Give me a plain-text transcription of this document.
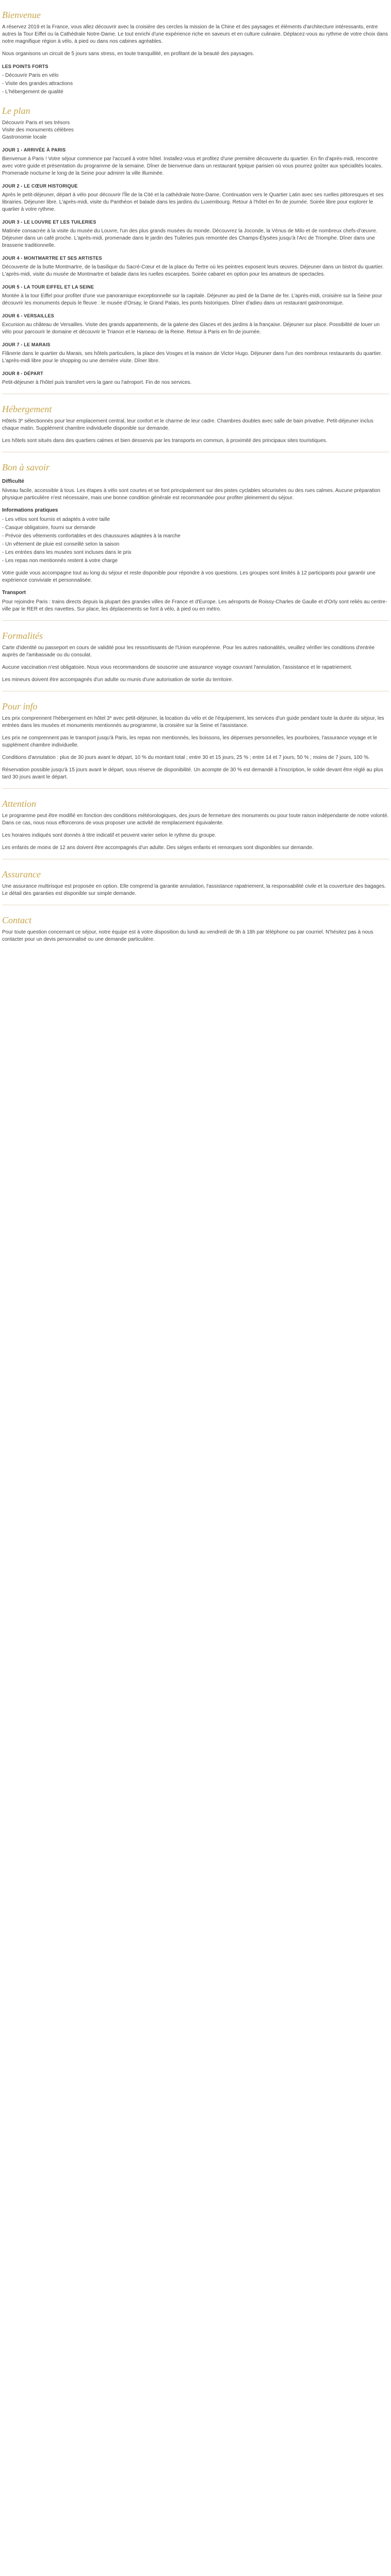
Bienvenue

A réservez 2019 et la France, vous allez découvrir avec la croisière des cercles la mission de la Chine et des paysages et éléments d'architecture intéressants, entre autres la Tour Eiffel ou la Cathédrale Notre-Dame. Le tout enrichi d'une expérience riche en saveurs et en culture culinaire. Déplacez-vous au rythme de votre choix dans notre magnifique région à vélo, à pied ou dans nos cabines agréables.

Nous organisons un circuit de 5 jours sans stress, en toute tranquillité, en profitant de la beauté des paysages.

LES POINTS FORTS

- Découvrir Paris en vélo

- Visite des grandes attractions

- L'hébergement de qualité

Le plan

Découvrir Paris et ses trésors
Visite des monuments célèbres
Gastronomie locale

JOUR 1 - ARRIVÉE À PARIS

Bienvenue à Paris ! Votre séjour commence par l'accueil à votre hôtel. Installez-vous et profitez d'une première découverte du quartier. En fin d'après-midi, rencontre avec votre guide et présentation du programme de la semaine. Dîner de bienvenue dans un restaurant typique parisien où vous pourrez goûter aux spécialités locales. Promenade nocturne le long de la Seine pour admirer la ville illuminée.

JOUR 2 - LE CŒUR HISTORIQUE

Après le petit-déjeuner, départ à vélo pour découvrir l'Île de la Cité et la cathédrale Notre-Dame. Continuation vers le Quartier Latin avec ses ruelles pittoresques et ses librairies. Déjeuner libre. L'après-midi, visite du Panthéon et balade dans les jardins du Luxembourg. Retour à l'hôtel en fin de journée. Soirée libre pour explorer le quartier à votre rythme.

JOUR 3 - LE LOUVRE ET LES TUILERIES

Matinée consacrée à la visite du musée du Louvre, l'un des plus grands musées du monde. Découvrez la Joconde, la Vénus de Milo et de nombreux chefs-d'œuvre. Déjeuner dans un café proche. L'après-midi, promenade dans le jardin des Tuileries puis remontée des Champs-Élysées jusqu'à l'Arc de Triomphe. Dîner dans une brasserie traditionnelle.

JOUR 4 - MONTMARTRE ET SES ARTISTES

Découverte de la butte Montmartre, de la basilique du Sacré-Cœur et de la place du Tertre où les peintres exposent leurs œuvres. Déjeuner dans un bistrot du quartier. L'après-midi, visite du musée de Montmartre et balade dans les ruelles escarpées. Soirée cabaret en option pour les amateurs de spectacles.

JOUR 5 - LA TOUR EIFFEL ET LA SEINE

Montée à la tour Eiffel pour profiter d'une vue panoramique exceptionnelle sur la capitale. Déjeuner au pied de la Dame de fer. L'après-midi, croisière sur la Seine pour découvrir les monuments depuis le fleuve : le musée d'Orsay, le Grand Palais, les ponts historiques. Dîner d'adieu dans un restaurant gastronomique.

JOUR 6 - VERSAILLES

Excursion au château de Versailles. Visite des grands appartements, de la galerie des Glaces et des jardins à la française. Déjeuner sur place. Possibilité de louer un vélo pour parcourir le domaine et découvrir le Trianon et le Hameau de la Reine. Retour à Paris en fin de journée.

JOUR 7 - LE MARAIS

Flânerie dans le quartier du Marais, ses hôtels particuliers, la place des Vosges et la maison de Victor Hugo. Déjeuner dans l'un des nombreux restaurants du quartier. L'après-midi libre pour le shopping ou une dernière visite. Dîner libre.

JOUR 8 - DÉPART

Petit-déjeuner à l'hôtel puis transfert vers la gare ou l'aéroport. Fin de nos services.

Hébergement

Hôtels 3* sélectionnés pour leur emplacement central, leur confort et le charme de leur cadre. Chambres doubles avec salle de bain privative. Petit-déjeuner inclus chaque matin. Supplément chambre individuelle disponible sur demande.

Les hôtels sont situés dans des quartiers calmes et bien desservis par les transports en commun, à proximité des principaux sites touristiques.

Bon à savoir
Difficulté

Niveau facile, accessible à tous. Les étapes à vélo sont courtes et se font principalement sur des pistes cyclables sécurisées ou des rues calmes. Aucune préparation physique particulière n'est nécessaire, mais une bonne condition générale est recommandée pour profiter pleinement du séjour.

Informations pratiques

- Les vélos sont fournis et adaptés à votre taille

- Casque obligatoire, fourni sur demande

- Prévoir des vêtements confortables et des chaussures adaptées à la marche

- Un vêtement de pluie est conseillé selon la saison

- Les entrées dans les musées sont incluses dans le prix

- Les repas non mentionnés restent à votre charge

Votre guide vous accompagne tout au long du séjour et reste disponible pour répondre à vos questions. Les groupes sont limités à 12 participants pour garantir une expérience conviviale et personnalisée.

Transport

Pour rejoindre Paris : trains directs depuis la plupart des grandes villes de France et d'Europe. Les aéroports de Roissy-Charles de Gaulle et d'Orly sont reliés au centre-ville par le RER et des navettes. Sur place, les déplacements se font à vélo, à pied ou en métro.

Formalités

Carte d'identité ou passeport en cours de validité pour les ressortissants de l'Union européenne. Pour les autres nationalités, veuillez vérifier les conditions d'entrée auprès de l'ambassade ou du consulat.

Aucune vaccination n'est obligatoire. Nous vous recommandons de souscrire une assurance voyage couvrant l'annulation, l'assistance et le rapatriement.

Les mineurs doivent être accompagnés d'un adulte ou munis d'une autorisation de sortie du territoire.

Pour info

Les prix comprennent l'hébergement en hôtel 3* avec petit-déjeuner, la location du vélo et de l'équipement, les services d'un guide pendant toute la durée du séjour, les entrées dans les musées et monuments mentionnés au programme, la croisière sur la Seine et l'assistance.

Les prix ne comprennent pas le transport jusqu'à Paris, les repas non mentionnés, les boissons, les dépenses personnelles, les pourboires, l'assurance voyage et le supplément chambre individuelle.

Conditions d'annulation : plus de 30 jours avant le départ, 10 % du montant total ; entre 30 et 15 jours, 25 % ; entre 14 et 7 jours, 50 % ; moins de 7 jours, 100 %.

Réservation possible jusqu'à 15 jours avant le départ, sous réserve de disponibilité. Un acompte de 30 % est demandé à l'inscription, le solde devant être réglé au plus tard 30 jours avant le départ.

Attention

Le programme peut être modifié en fonction des conditions météorologiques, des jours de fermeture des monuments ou pour toute raison indépendante de notre volonté. Dans ce cas, nous nous efforcerons de vous proposer une activité de remplacement équivalente.

Les horaires indiqués sont donnés à titre indicatif et peuvent varier selon le rythme du groupe.

Les enfants de moins de 12 ans doivent être accompagnés d'un adulte. Des sièges enfants et remorques sont disponibles sur demande.

Assurance

Une assurance multirisque est proposée en option. Elle comprend la garantie annulation, l'assistance rapatriement, la responsabilité civile et la couverture des bagages. Le détail des garanties est disponible sur simple demande.

Contact

Pour toute question concernant ce séjour, notre équipe est à votre disposition du lundi au vendredi de 9h à 18h par téléphone ou par courriel. N'hésitez pas à nous contacter pour un devis personnalisé ou une demande particulière.
